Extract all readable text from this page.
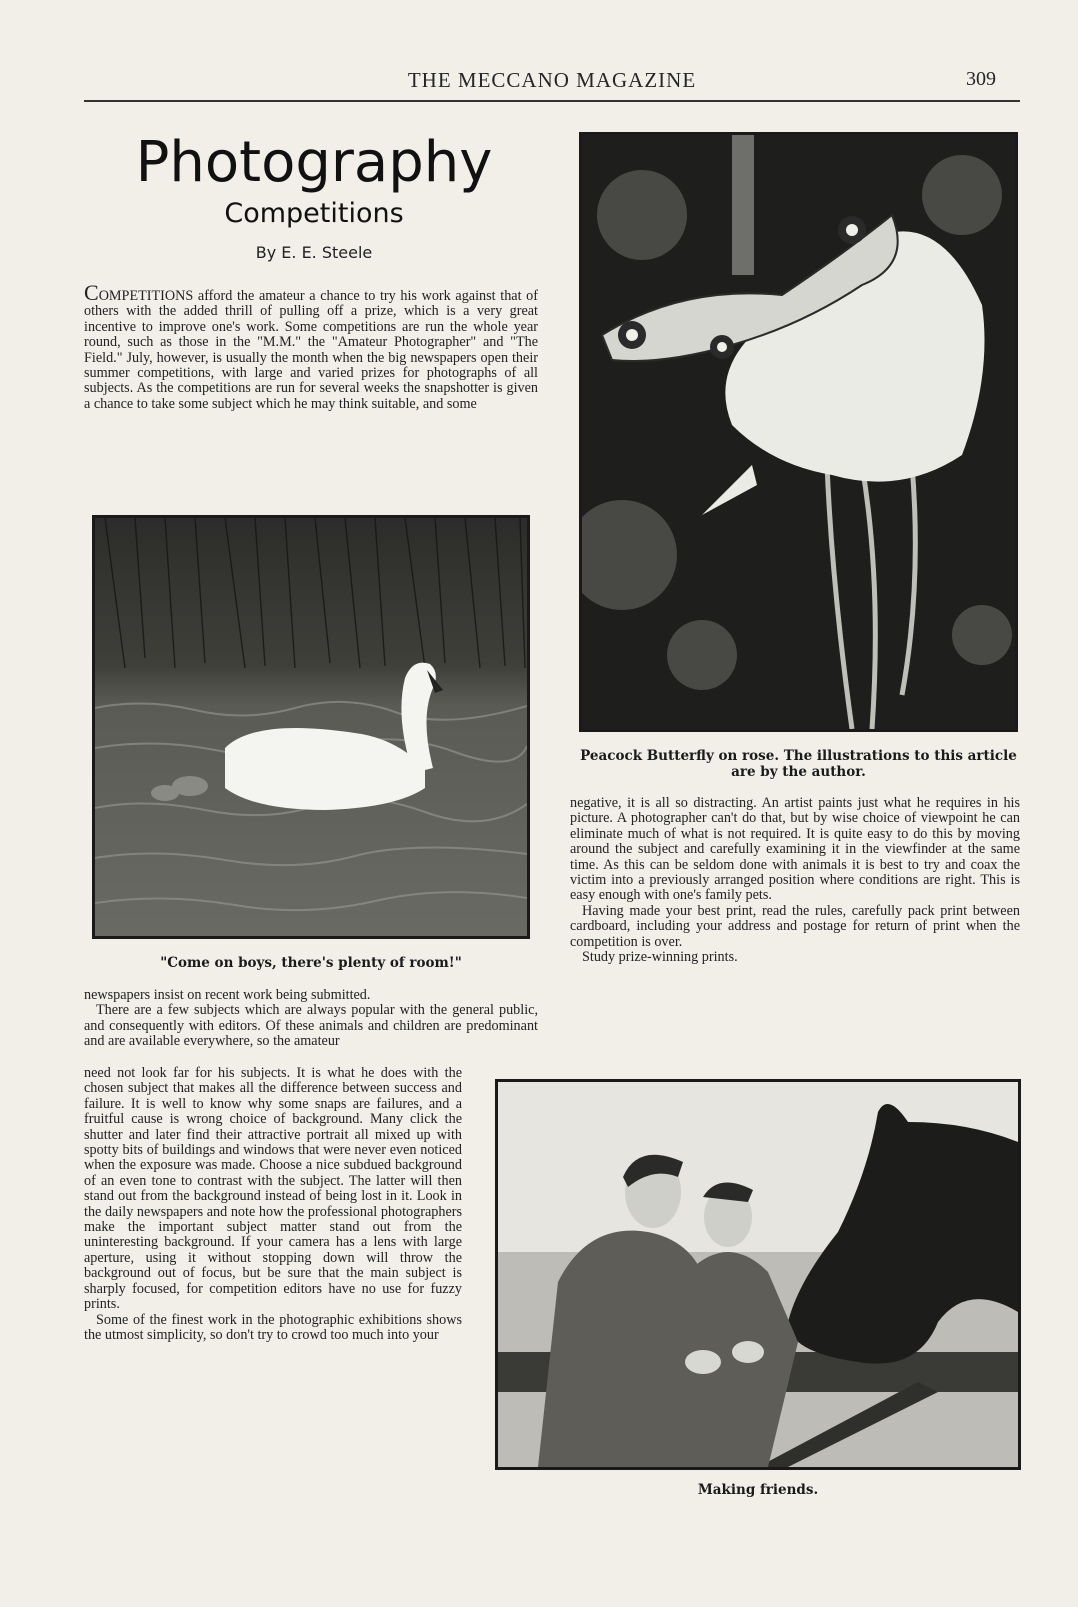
THE MECCANO MAGAZINE	309
Photography
Competitions
By E. E. Steele

COMPETITIONS afford the amateur a chance to try his work against that of others with the added thrill of pulling off a prize, which is a very great incentive to improve one's work. Some competitions are run the whole year round, such as those in the "M.M." the "Amateur Photographer" and "The Field." July, however, is usually the month when the big newspapers open their summer competitions, with large and varied prizes for photographs of all subjects. As the competitions are run for several weeks the snapshotter is given a chance to take some subject which he may think suitable, and some

"Come on boys, there's plenty of room!"

newspapers insist on recent work being submitted.

There are a few subjects which are always popular with the general public, and consequently with editors. Of these animals and children are predominant and are available everywhere, so the amateur

need not look far for his subjects. It is what he does with the chosen subject that makes all the difference between success and failure. It is well to know why some snaps are failures, and a fruitful cause is wrong choice of background. Many click the shutter and later find their attractive portrait all mixed up with spotty bits of buildings and windows that were never even noticed when the exposure was made. Choose a nice subdued background of an even tone to contrast with the subject. The latter will then stand out from the background instead of being lost in it. Look in the daily newspapers and note how the professional photographers make the important subject matter stand out from the uninteresting background. If your camera has a lens with large aperture, using it without stopping down will throw the background out of focus, but be sure that the main subject is sharply focused, for competition editors have no use for fuzzy prints.

Some of the finest work in the photographic exhibitions shows the utmost simplicity, so don't try to crowd too much into your

Peacock Butterfly on rose. The illustrations to this article are by the author.

negative, it is all so distracting. An artist paints just what he requires in his picture. A photographer can't do that, but by wise choice of viewpoint he can eliminate much of what is not required. It is quite easy to do this by moving around the subject and carefully examining it in the viewfinder at the same time. As this can be seldom done with animals it is best to try and coax the victim into a previously arranged position where conditions are right. This is easy enough with one's family pets.

Having made your best print, read the rules, carefully pack print between cardboard, including your address and postage for return of print when the competition is over.

Study prize-winning prints.

Making friends.
